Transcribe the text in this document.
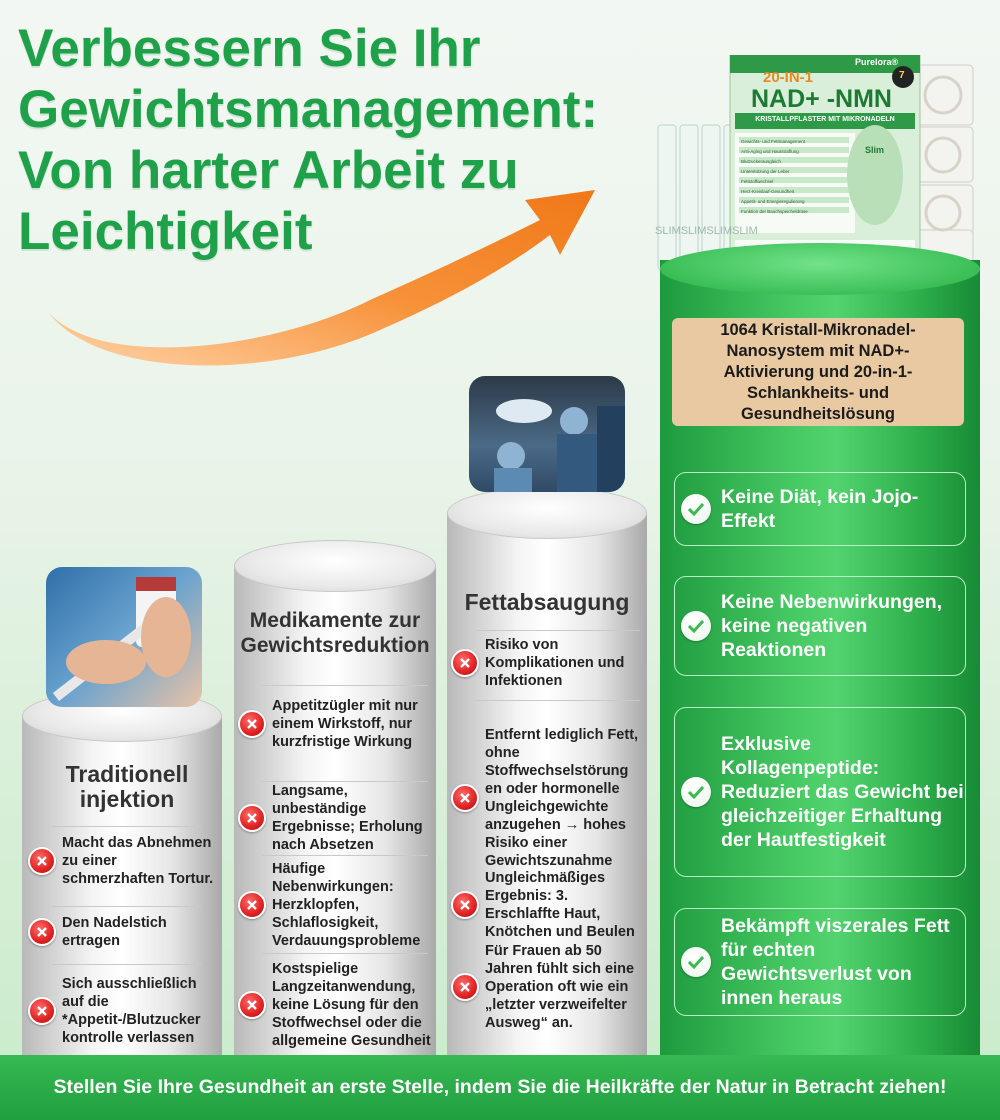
Verbessern Sie Ihr Gewichtsmanagement: Von harter Arbeit zu Leichtigkeit
Purelora®
20-IN-1
NAD+ -NMN
KRISTALLPFLASTER MIT MIKRONADELN
7
Slim
Gewichts- und Fettmanagement
Anti-Aging und Hautstraffung
Blutzuckerausgleich
Unterstützung der Leber
Fettstoffwechsel
Herz-Kreislauf-Gesundheit
Appetit- und Energieregulierung
Funktion der Bauchspeicheldrüse
SLIM SLIM SLIM SLIM
Traditionell injektion
Macht das Abnehmen zu einer schmerzhaften Tortur.
Den Nadelstich ertragen
Sich ausschließlich auf die *Appetit-/Blutzucker kontrolle verlassen
Medikamente zur Gewichtsreduktion
Appetitzügler mit nur einem Wirkstoff, nur kurzfristige Wirkung
Langsame, unbeständige Ergebnisse; Erholung nach Absetzen
Häufige Nebenwirkungen: Herzklopfen, Schlaflosigkeit, Verdauungsprobleme
Kostspielige Langzeitanwendung, keine Lösung für den Stoffwechsel oder die allgemeine Gesundheit
Fettabsaugung
Risiko von Komplikationen und Infektionen
Entfernt lediglich Fett, ohne Stoffwechselstörung en oder hormonelle Ungleichgewichte anzugehen → hohes Risiko einer Gewichtszunahme
Ungleichmäßiges Ergebnis: 3. Erschlaffte Haut, Knötchen und Beulen
Für Frauen ab 50 Jahren fühlt sich eine Operation oft wie ein „letzter verzweifelter Ausweg“ an.
1064 Kristall-Mikronadel-Nanosystem mit NAD+-Aktivierung und 20-in-1-Schlankheits- und Gesundheitslösung
Keine Diät, kein Jojo-Effekt
Keine Nebenwirkungen, keine negativen Reaktionen
Exklusive Kollagenpeptide: Reduziert das Gewicht bei gleichzeitiger Erhaltung der Hautfestigkeit
Bekämpft viszerales Fett für echten Gewichtsverlust von innen heraus
Stellen Sie Ihre Gesundheit an erste Stelle, indem Sie die Heilkräfte der Natur in Betracht ziehen!
